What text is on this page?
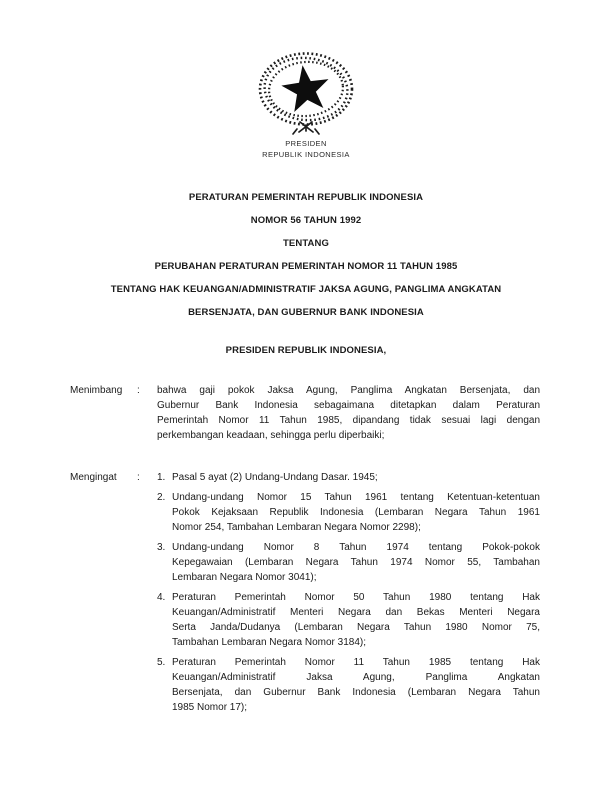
PRESIDEN
REPUBLIK INDONESIA
PERATURAN PEMERINTAH REPUBLIK INDONESIA
NOMOR 56 TAHUN 1992
TENTANG
PERUBAHAN PERATURAN PEMERINTAH NOMOR 11 TAHUN 1985
TENTANG HAK KEUANGAN/ADMINISTRATIF JAKSA AGUNG, PANGLIMA ANGKATAN
BERSENJATA, DAN GUBERNUR BANK INDONESIA
PRESIDEN REPUBLIK INDONESIA,
Menimbang	:	bahwa gaji pokok Jaksa Agung, Panglima Angkatan Bersenjata, dan
Gubernur Bank Indonesia sebagaimana ditetapkan dalam Peraturan
Pemerintah Nomor 11 Tahun 1985, dipandang tidak sesuai lagi dengan
perkembangan keadaan, sehingga perlu diperbaiki;
Mengingat	:	1. Pasal 5 ayat (2) Undang-Undang Dasar. 1945;
2. Undang-undang Nomor 15 Tahun 1961 tentang Ketentuan-ketentuan
Pokok Kejaksaan Republik Indonesia (Lembaran Negara Tahun 1961
Nomor 254, Tambahan Lembaran Negara Nomor 2298);
3. Undang-undang Nomor 8 Tahun 1974 tentang Pokok-pokok
Kepegawaian (Lembaran Negara Tahun 1974 Nomor 55, Tambahan
Lembaran Negara Nomor 3041);
4. Peraturan Pemerintah Nomor 50 Tahun 1980 tentang Hak
Keuangan/Administratif Menteri Negara dan Bekas Menteri Negara
Serta Janda/Dudanya (Lembaran Negara Tahun 1980 Nomor 75,
Tambahan Lembaran Negara Nomor 3184);
5. Peraturan Pemerintah Nomor 11 Tahun 1985 tentang Hak
Keuangan/Administratif Jaksa Agung, Panglima Angkatan
Bersenjata, dan Gubernur Bank Indonesia (Lembaran Negara Tahun
1985 Nomor 17);
